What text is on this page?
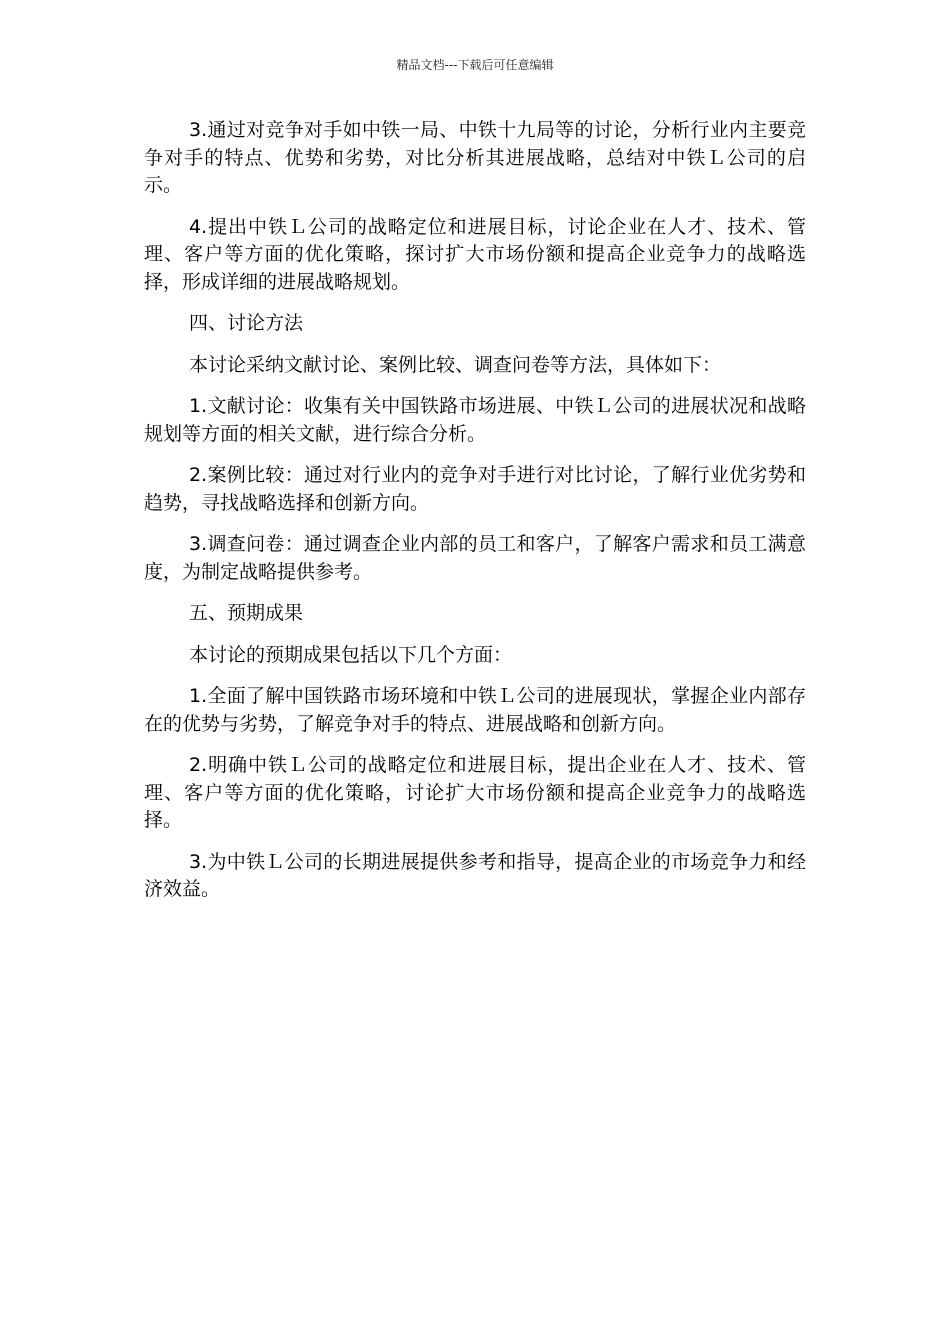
精品文档---下载后可任意编辑

3.通过对竞争对手如中铁一局、中铁十九局等的讨论，分析行业内主要竞争对手的特点、优势和劣势，对比分析其进展战略，总结对中铁Ｌ公司的启示。

4.提出中铁Ｌ公司的战略定位和进展目标，讨论企业在人才、技术、管理、客户等方面的优化策略，探讨扩大市场份额和提高企业竞争力的战略选择，形成详细的进展战略规划。

四、讨论方法

本讨论采纳文献讨论、案例比较、调查问卷等方法，具体如下：

1.文献讨论：收集有关中国铁路市场进展、中铁Ｌ公司的进展状况和战略规划等方面的相关文献，进行综合分析。

2.案例比较：通过对行业内的竞争对手进行对比讨论，了解行业优劣势和趋势，寻找战略选择和创新方向。

3.调查问卷：通过调查企业内部的员工和客户，了解客户需求和员工满意度，为制定战略提供参考。

五、预期成果

本讨论的预期成果包括以下几个方面：

1.全面了解中国铁路市场环境和中铁Ｌ公司的进展现状，掌握企业内部存在的优势与劣势，了解竞争对手的特点、进展战略和创新方向。

2.明确中铁Ｌ公司的战略定位和进展目标，提出企业在人才、技术、管理、客户等方面的优化策略，讨论扩大市场份额和提高企业竞争力的战略选择。

3.为中铁Ｌ公司的长期进展提供参考和指导，提高企业的市场竞争力和经济效益。
